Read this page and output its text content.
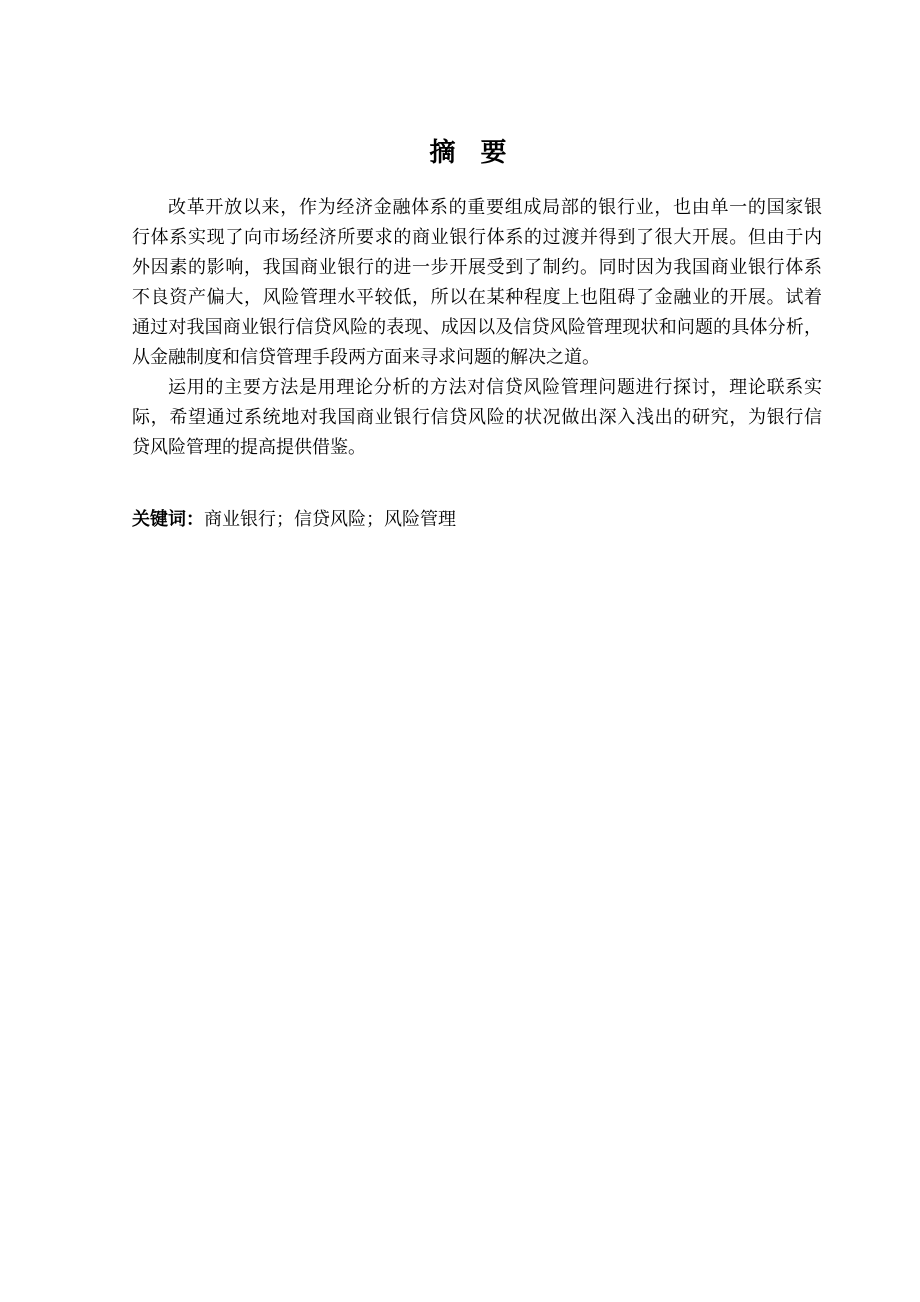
摘 要
改革开放以来，作为经济金融体系的重要组成局部的银行业，也由单一的国家银
行体系实现了向市场经济所要求的商业银行体系的过渡并得到了很大开展。但由于内
外因素的影响，我国商业银行的进一步开展受到了制约。同时因为我国商业银行体系
不良资产偏大，风险管理水平较低，所以在某种程度上也阻碍了金融业的开展。试着
通过对我国商业银行信贷风险的表现、成因以及信贷风险管理现状和问题的具体分析，
从金融制度和信贷管理手段两方面来寻求问题的解决之道。
运用的主要方法是用理论分析的方法对信贷风险管理问题进行探讨，理论联系实
际，希望通过系统地对我国商业银行信贷风险的状况做出深入浅出的研究，为银行信
贷风险管理的提高提供借鉴。
关键词：商业银行；信贷风险；风险管理
